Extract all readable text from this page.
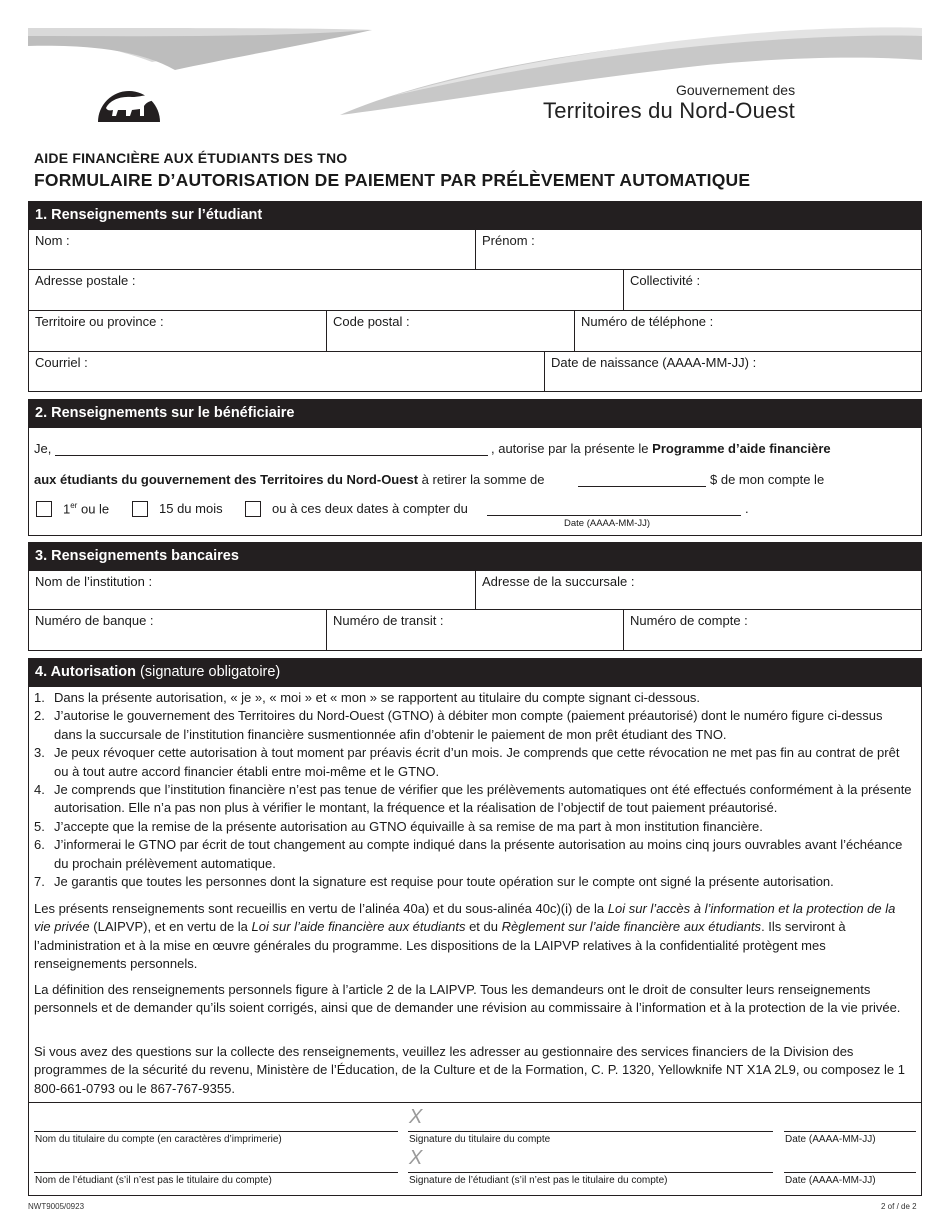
Gouvernement des
Territoires du Nord-Ouest
AIDE FINANCIÈRE AUX ÉTUDIANTS DES TNO
FORMULAIRE D’AUTORISATION DE PAIEMENT PAR PRÉLÈVEMENT AUTOMATIQUE
1. Renseignements sur l’étudiant
Nom :	Prénom :
Adresse postale :	Collectivité :
Territoire ou province :	Code postal :	Numéro de téléphone :
Courriel :	Date de naissance (AAAA-MM-JJ) :
2. Renseignements sur le bénéficiaire
Je,	, autorise par la présente le Programme d’aide financière
aux étudiants du gouvernement des Territoires du Nord-Ouest à retirer la somme de	$ de mon compte le
1er ou le	15 du mois	ou à ces deux dates à compter du	.
Date (AAAA-MM-JJ)
3. Renseignements bancaires
Nom de l’institution :	Adresse de la succursale :
Numéro de banque :	Numéro de transit :	Numéro de compte :
4. Autorisation (signature obligatoire)
1. Dans la présente autorisation, « je », « moi » et « mon » se rapportent au titulaire du compte signant ci-dessous.
2. J’autorise le gouvernement des Territoires du Nord-Ouest (GTNO) à débiter mon compte (paiement préautorisé) dont le numéro figure ci-dessus dans la succursale de l’institution financière susmentionnée afin d’obtenir le paiement de mon prêt étudiant des TNO.
3. Je peux révoquer cette autorisation à tout moment par préavis écrit d’un mois. Je comprends que cette révocation ne met pas fin au contrat de prêt ou à tout autre accord financier établi entre moi-même et le GTNO.
4. Je comprends que l’institution financière n’est pas tenue de vérifier que les prélèvements automatiques ont été effectués conformément à la présente autorisation. Elle n’a pas non plus à vérifier le montant, la fréquence et la réalisation de l’objectif de tout paiement préautorisé.
5. J’accepte que la remise de la présente autorisation au GTNO équivaille à sa remise de ma part à mon institution financière.
6. J’informerai le GTNO par écrit de tout changement au compte indiqué dans la présente autorisation au moins cinq jours ouvrables avant l’échéance du prochain prélèvement automatique.
7. Je garantis que toutes les personnes dont la signature est requise pour toute opération sur le compte ont signé la présente autorisation.

Les présents renseignements sont recueillis en vertu de l’alinéa 40a) et du sous-alinéa 40c)(i) de la Loi sur l’accès à l’information et la protection de la vie privée (LAIPVP), et en vertu de la Loi sur l’aide financière aux étudiants et du Règlement sur l’aide financière aux étudiants. Ils serviront à l’administration et à la mise en œuvre générales du programme. Les dispositions de la LAIPVP relatives à la confidentialité protègent mes renseignements personnels.

La définition des renseignements personnels figure à l’article 2 de la LAIPVP. Tous les demandeurs ont le droit de consulter leurs renseignements personnels et de demander qu’ils soient corrigés, ainsi que de demander une révision au commissaire à l’information et à la protection de la vie privée.

Si vous avez des questions sur la collecte des renseignements, veuillez les adresser au gestionnaire des services financiers de la Division des programmes de la sécurité du revenu, Ministère de l’Éducation, de la Culture et de la Formation, C. P. 1320, Yellowknife NT X1A 2L9, ou composez le 1 800-661-0793 ou le 867-767-9355.

X
Nom du titulaire du compte (en caractères d’imprimerie)	Signature du titulaire du compte	Date (AAAA-MM-JJ)
X
Nom de l’étudiant (s’il n’est pas le titulaire du compte)	Signature de l’étudiant (s’il n’est pas le titulaire du compte)	Date (AAAA-MM-JJ)
NWT9005/0923	2 of / de 2
